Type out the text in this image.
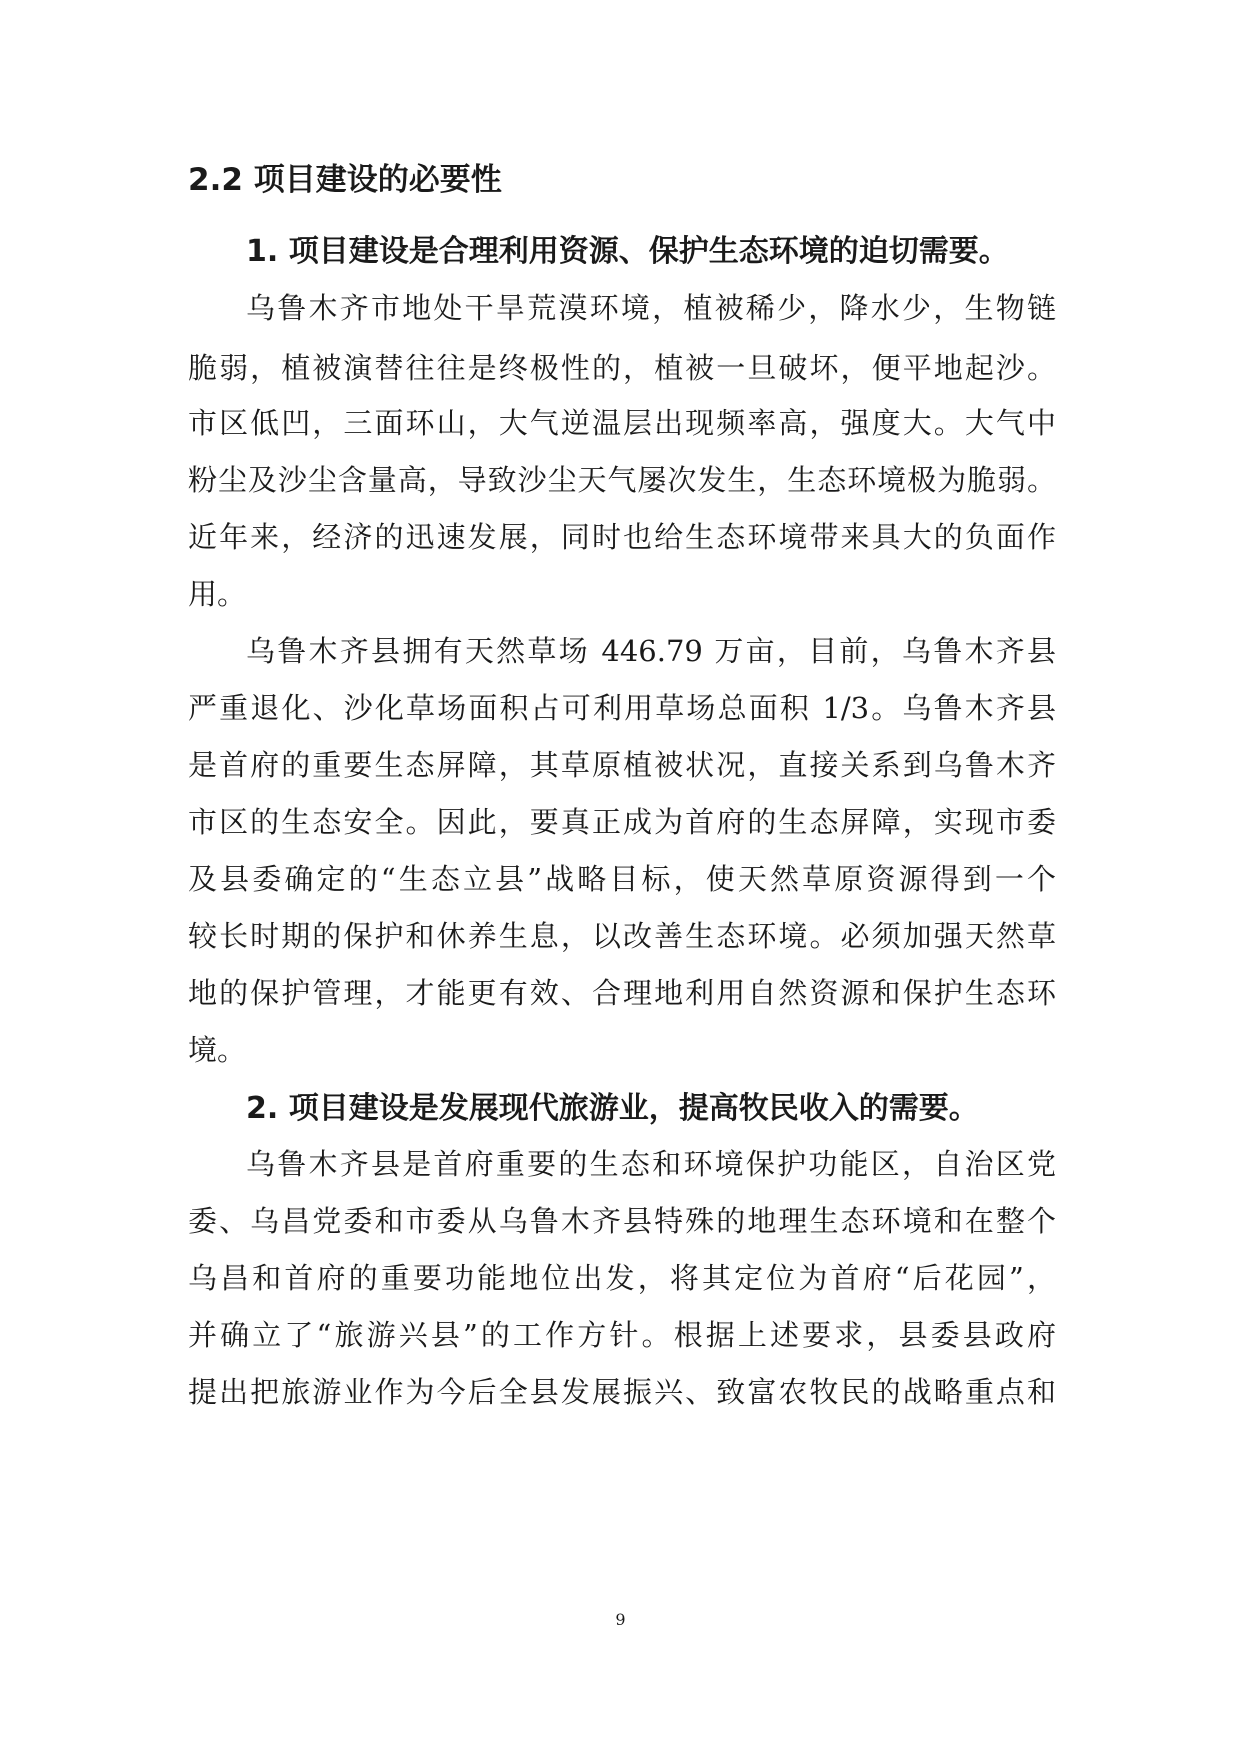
2.2 项目建设的必要性
1. 项目建设是合理利用资源、保护生态环境的迫切需要。

乌鲁木齐市地处干旱荒漠环境，植被稀少，降水少，生物链

脆弱，植被演替往往是终极性的，植被一旦破坏，便平地起沙。

市区低凹，三面环山，大气逆温层出现频率高，强度大。大气中

粉尘及沙尘含量高，导致沙尘天气屡次发生，生态环境极为脆弱。

近年来，经济的迅速发展，同时也给生态环境带来具大的负面作

用。

乌鲁木齐县拥有天然草场 446.79 万亩，目前，乌鲁木齐县

严重退化、沙化草场面积占可利用草场总面积 1/3。乌鲁木齐县

是首府的重要生态屏障，其草原植被状况，直接关系到乌鲁木齐

市区的生态安全。因此，要真正成为首府的生态屏障，实现市委

及县委确定的“生态立县”战略目标，使天然草原资源得到一个

较长时期的保护和休养生息，以改善生态环境。必须加强天然草

地的保护管理，才能更有效、合理地利用自然资源和保护生态环

境。

2. 项目建设是发展现代旅游业，提高牧民收入的需要。

乌鲁木齐县是首府重要的生态和环境保护功能区，自治区党

委、乌昌党委和市委从乌鲁木齐县特殊的地理生态环境和在整个

乌昌和首府的重要功能地位出发，将其定位为首府“后花园”，

并确立了“旅游兴县”的工作方针。根据上述要求，县委县政府

提出把旅游业作为今后全县发展振兴、致富农牧民的战略重点和

9
